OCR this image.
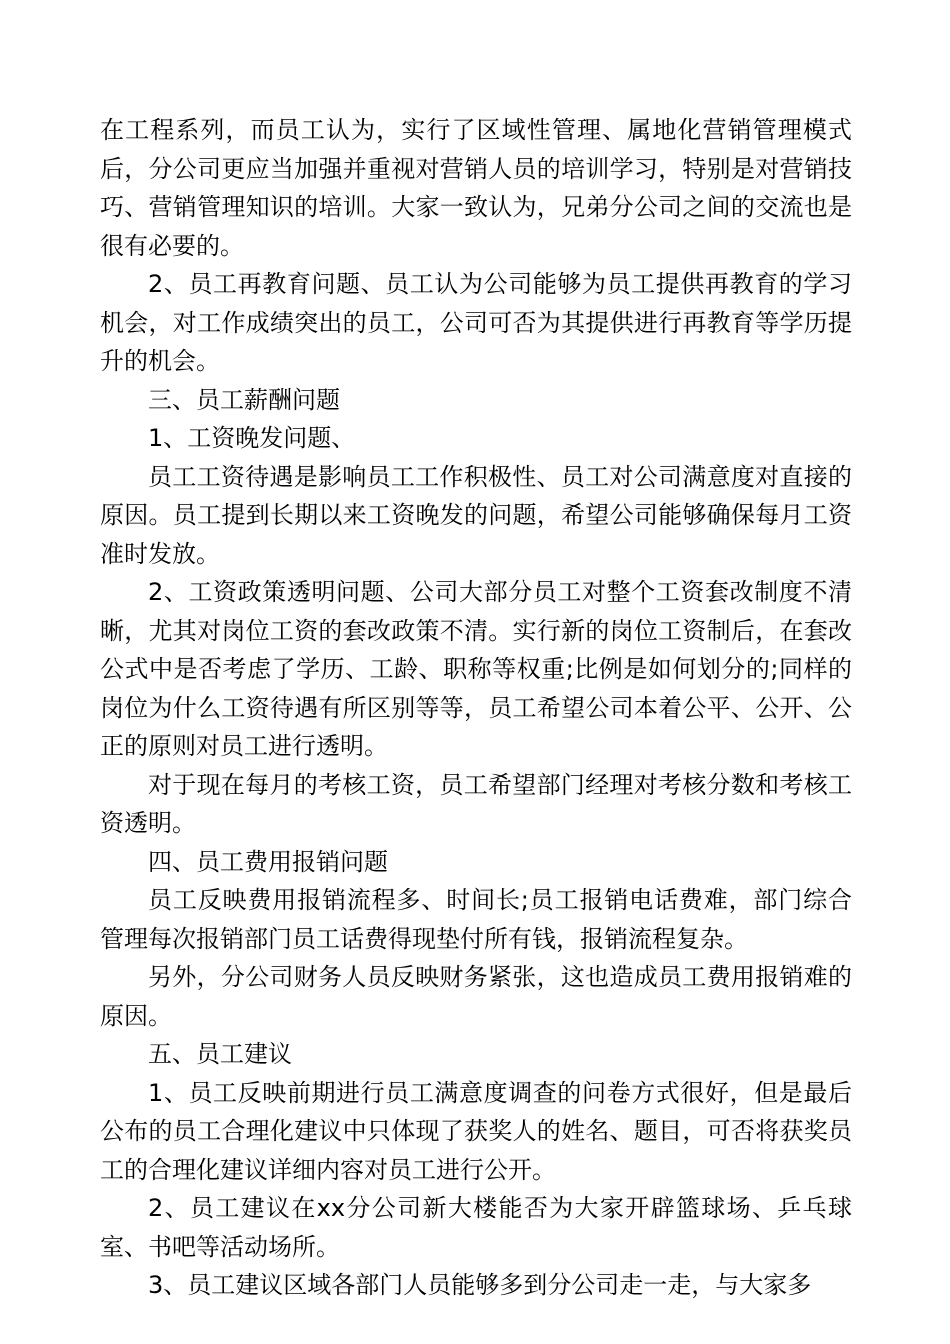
在工程系列，而员工认为，实行了区域性管理、属地化营销管理模式后，分公司更应当加强并重视对营销人员的培训学习，特别是对营销技巧、营销管理知识的培训。大家一致认为，兄弟分公司之间的交流也是很有必要的。

2、员工再教育问题、员工认为公司能够为员工提供再教育的学习机会，对工作成绩突出的员工，公司可否为其提供进行再教育等学历提升的机会。

三、员工薪酬问题

1、工资晚发问题、

员工工资待遇是影响员工工作积极性、员工对公司满意度对直接的原因。员工提到长期以来工资晚发的问题，希望公司能够确保每月工资准时发放。

2、工资政策透明问题、公司大部分员工对整个工资套改制度不清晰，尤其对岗位工资的套改政策不清。实行新的岗位工资制后，在套改公式中是否考虑了学历、工龄、职称等权重;比例是如何划分的;同样的岗位为什么工资待遇有所区别等等，员工希望公司本着公平、公开、公正的原则对员工进行透明。

对于现在每月的考核工资，员工希望部门经理对考核分数和考核工资透明。

四、员工费用报销问题

员工反映费用报销流程多、时间长;员工报销电话费难，部门综合管理每次报销部门员工话费得现垫付所有钱，报销流程复杂。

另外，分公司财务人员反映财务紧张，这也造成员工费用报销难的原因。

五、员工建议

1、员工反映前期进行员工满意度调查的问卷方式很好，但是最后公布的员工合理化建议中只体现了获奖人的姓名、题目，可否将获奖员工的合理化建议详细内容对员工进行公开。

2、员工建议在xx分公司新大楼能否为大家开辟篮球场、乒乓球室、书吧等活动场所。

3、员工建议区域各部门人员能够多到分公司走一走，与大家多
